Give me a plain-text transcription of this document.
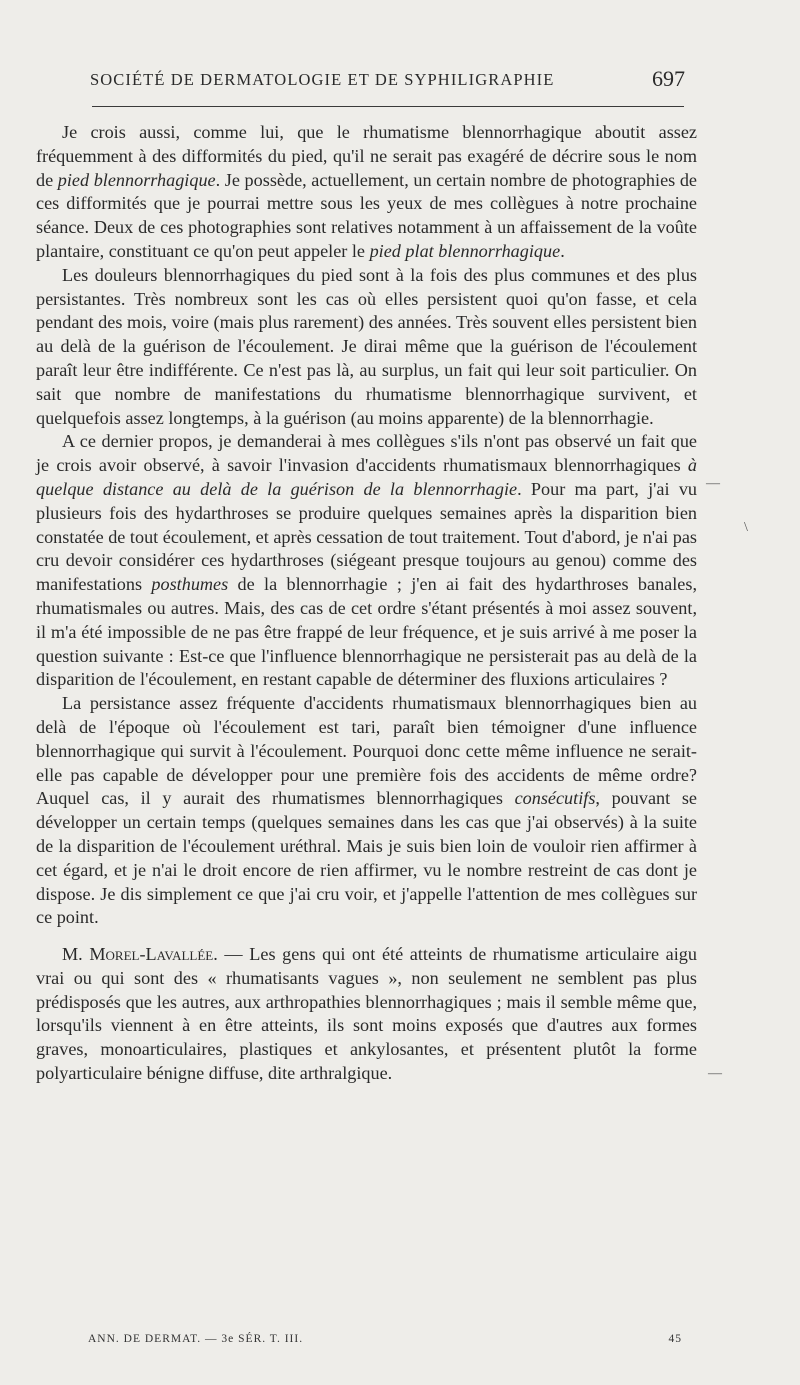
SOCIÉTÉ DE DERMATOLOGIE ET DE SYPHILIGRAPHIE	697

Je crois aussi, comme lui, que le rhumatisme blennorrhagique aboutit assez fréquemment à des difformités du pied, qu'il ne serait pas exagéré de décrire sous le nom de pied blennorrhagique. Je possède, actuellement, un certain nombre de photographies de ces difformités que je pourrai mettre sous les yeux de mes collègues à notre prochaine séance. Deux de ces photographies sont relatives notamment à un affaissement de la voûte plantaire, constituant ce qu'on peut appeler le pied plat blennorrhagique.

Les douleurs blennorrhagiques du pied sont à la fois des plus communes et des plus persistantes. Très nombreux sont les cas où elles persistent quoi qu'on fasse, et cela pendant des mois, voire (mais plus rarement) des années. Très souvent elles persistent bien au delà de la guérison de l'écoulement. Je dirai même que la guérison de l'écoulement paraît leur être indifférente. Ce n'est pas là, au surplus, un fait qui leur soit particulier. On sait que nombre de manifestations du rhumatisme blennorrhagique survivent, et quelquefois assez longtemps, à la guérison (au moins apparente) de la blennorrhagie.

A ce dernier propos, je demanderai à mes collègues s'ils n'ont pas observé un fait que je crois avoir observé, à savoir l'invasion d'accidents rhumatismaux blennorrhagiques à quelque distance au delà de la guérison de la blennorrhagie. Pour ma part, j'ai vu plusieurs fois des hydarthroses se produire quelques semaines après la disparition bien constatée de tout écoulement, et après cessation de tout traitement. Tout d'abord, je n'ai pas cru devoir considérer ces hydarthroses (siégeant presque toujours au genou) comme des manifestations posthumes de la blennorrhagie ; j'en ai fait des hydarthroses banales, rhumatismales ou autres. Mais, des cas de cet ordre s'étant présentés à moi assez souvent, il m'a été impossible de ne pas être frappé de leur fréquence, et je suis arrivé à me poser la question suivante : Est-ce que l'influence blennorrhagique ne persisterait pas au delà de la disparition de l'écoulement, en restant capable de déterminer des fluxions articulaires ?

La persistance assez fréquente d'accidents rhumatismaux blennorrhagiques bien au delà de l'époque où l'écoulement est tari, paraît bien témoigner d'une influence blennorrhagique qui survit à l'écoulement. Pourquoi donc cette même influence ne serait-elle pas capable de développer pour une première fois des accidents de même ordre? Auquel cas, il y aurait des rhumatismes blennorrhagiques consécutifs, pouvant se développer un certain temps (quelques semaines dans les cas que j'ai observés) à la suite de la disparition de l'écoulement uréthral. Mais je suis bien loin de vouloir rien affirmer à cet égard, et je n'ai le droit encore de rien affirmer, vu le nombre restreint de cas dont je dispose. Je dis simplement ce que j'ai cru voir, et j'appelle l'attention de mes collègues sur ce point.

M. Morel-Lavallée. — Les gens qui ont été atteints de rhumatisme articulaire aigu vrai ou qui sont des « rhumatisants vagues », non seulement ne semblent pas plus prédisposés que les autres, aux arthropathies blennorrhagiques ; mais il semble même que, lorsqu'ils viennent à en être atteints, ils sont moins exposés que d'autres aux formes graves, monoarticulaires, plastiques et ankylosantes, et présentent plutôt la forme polyarticulaire bénigne diffuse, dite arthralgique.

—
\
—
ANN. DE DERMAT. — 3e SÉR. T. III.	45
